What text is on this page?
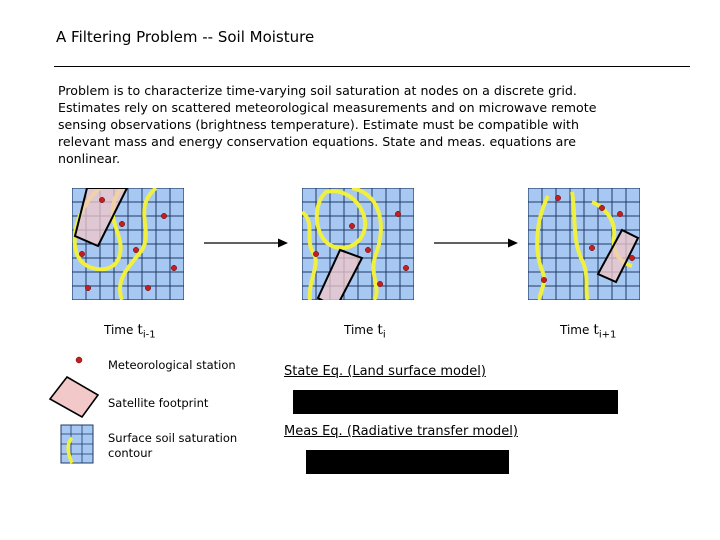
A Filtering Problem -- Soil Moisture
Problem is to characterize time-varying soil saturation at nodes on a discrete grid.
Estimates rely on scattered meteorological measurements and on microwave remote
sensing observations (brightness temperature). Estimate must be compatible with
relevant mass and energy conservation equations. State and meas. equations are
nonlinear.
Time $t_{i-1}$	Time $t_i$	Time $t_{i+1}$
Meteorological station
Satellite footprint
Surface soil saturation
contour
State Eq. (Land surface model)
Meas Eq. (Radiative transfer model)
